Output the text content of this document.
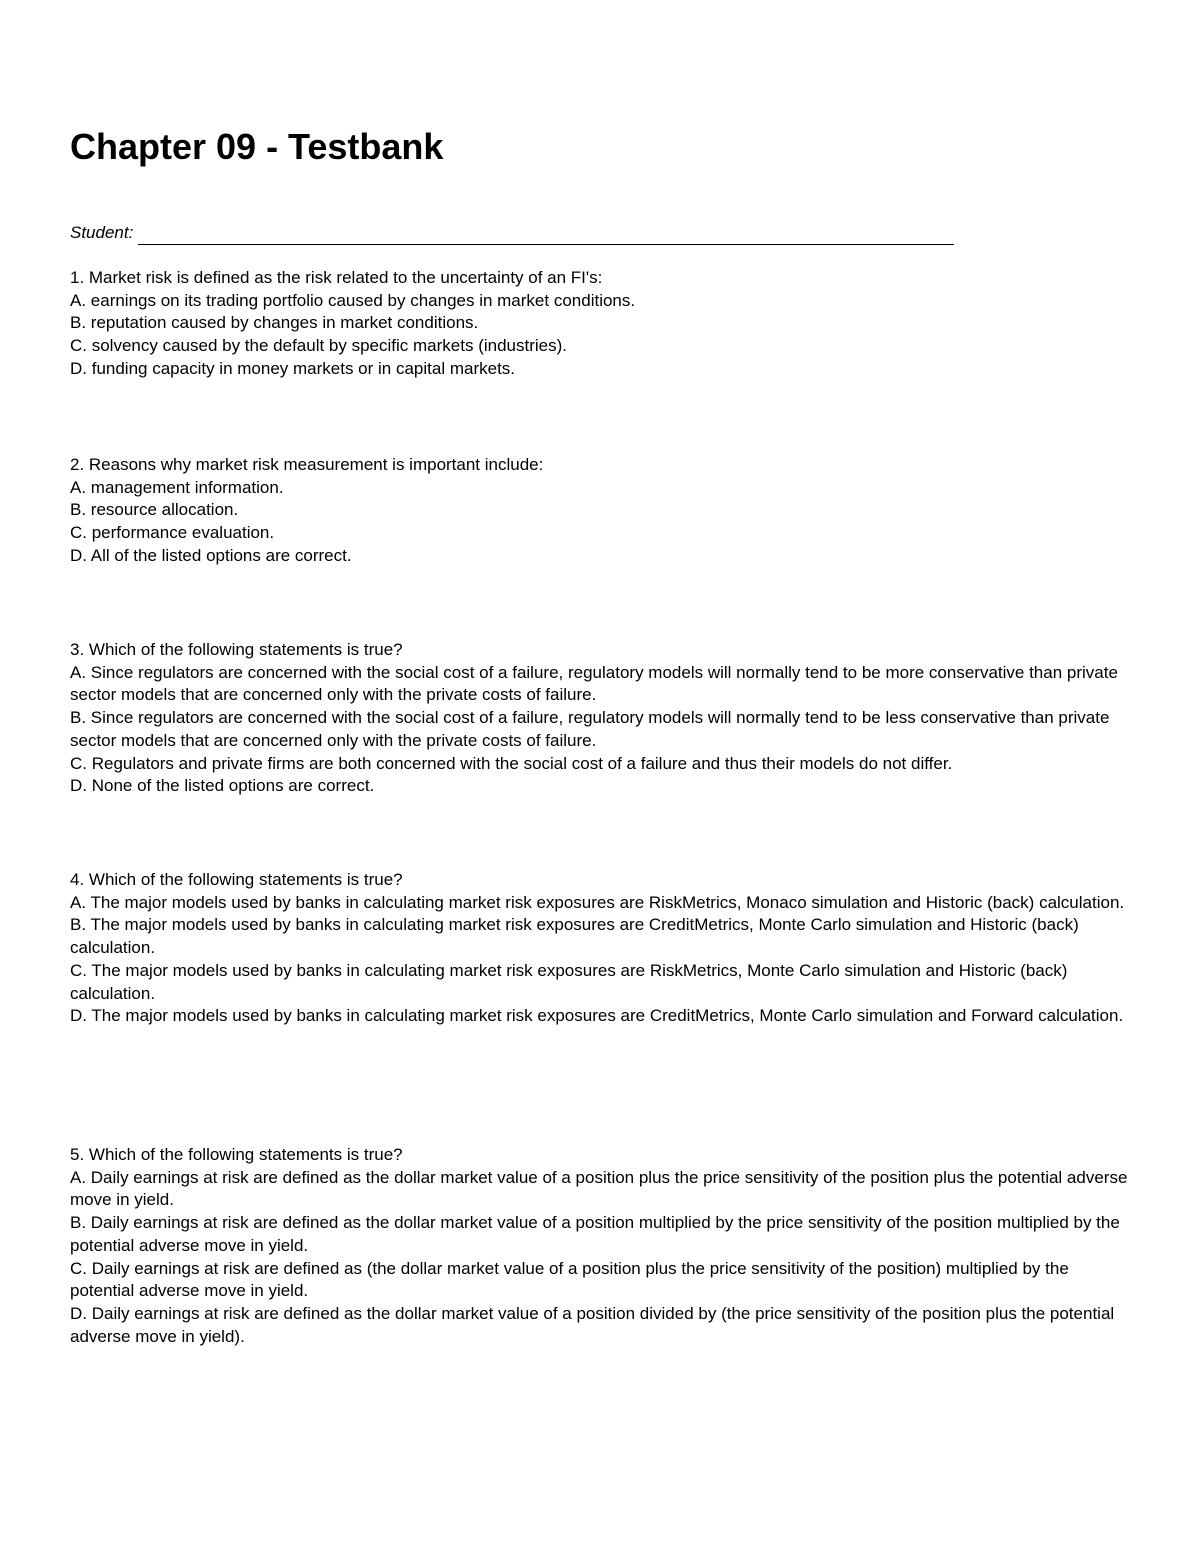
Chapter 09 - Testbank
Student:
1. Market risk is defined as the risk related to the uncertainty of an FI's:
A. earnings on its trading portfolio caused by changes in market conditions.
B. reputation caused by changes in market conditions.
C. solvency caused by the default by specific markets (industries).
D. funding capacity in money markets or in capital markets.
2. Reasons why market risk measurement is important include:
A. management information.
B. resource allocation.
C. performance evaluation.
D. All of the listed options are correct.
3. Which of the following statements is true?
A. Since regulators are concerned with the social cost of a failure, regulatory models will normally tend to be more conservative than private sector models that are concerned only with the private costs of failure.
B. Since regulators are concerned with the social cost of a failure, regulatory models will normally tend to be less conservative than private sector models that are concerned only with the private costs of failure.
C. Regulators and private firms are both concerned with the social cost of a failure and thus their models do not differ.
D. None of the listed options are correct.
4. Which of the following statements is true?
A. The major models used by banks in calculating market risk exposures are RiskMetrics, Monaco simulation and Historic (back) calculation.
B. The major models used by banks in calculating market risk exposures are CreditMetrics, Monte Carlo simulation and Historic (back) calculation.
C. The major models used by banks in calculating market risk exposures are RiskMetrics, Monte Carlo simulation and Historic (back) calculation.
D. The major models used by banks in calculating market risk exposures are CreditMetrics, Monte Carlo simulation and Forward calculation.
5. Which of the following statements is true?
A. Daily earnings at risk are defined as the dollar market value of a position plus the price sensitivity of the position plus the potential adverse move in yield.
B. Daily earnings at risk are defined as the dollar market value of a position multiplied by the price sensitivity of the position multiplied by the potential adverse move in yield.
C. Daily earnings at risk are defined as (the dollar market value of a position plus the price sensitivity of the position) multiplied by the potential adverse move in yield.
D. Daily earnings at risk are defined as the dollar market value of a position divided by (the price sensitivity of the position plus the potential adverse move in yield).
